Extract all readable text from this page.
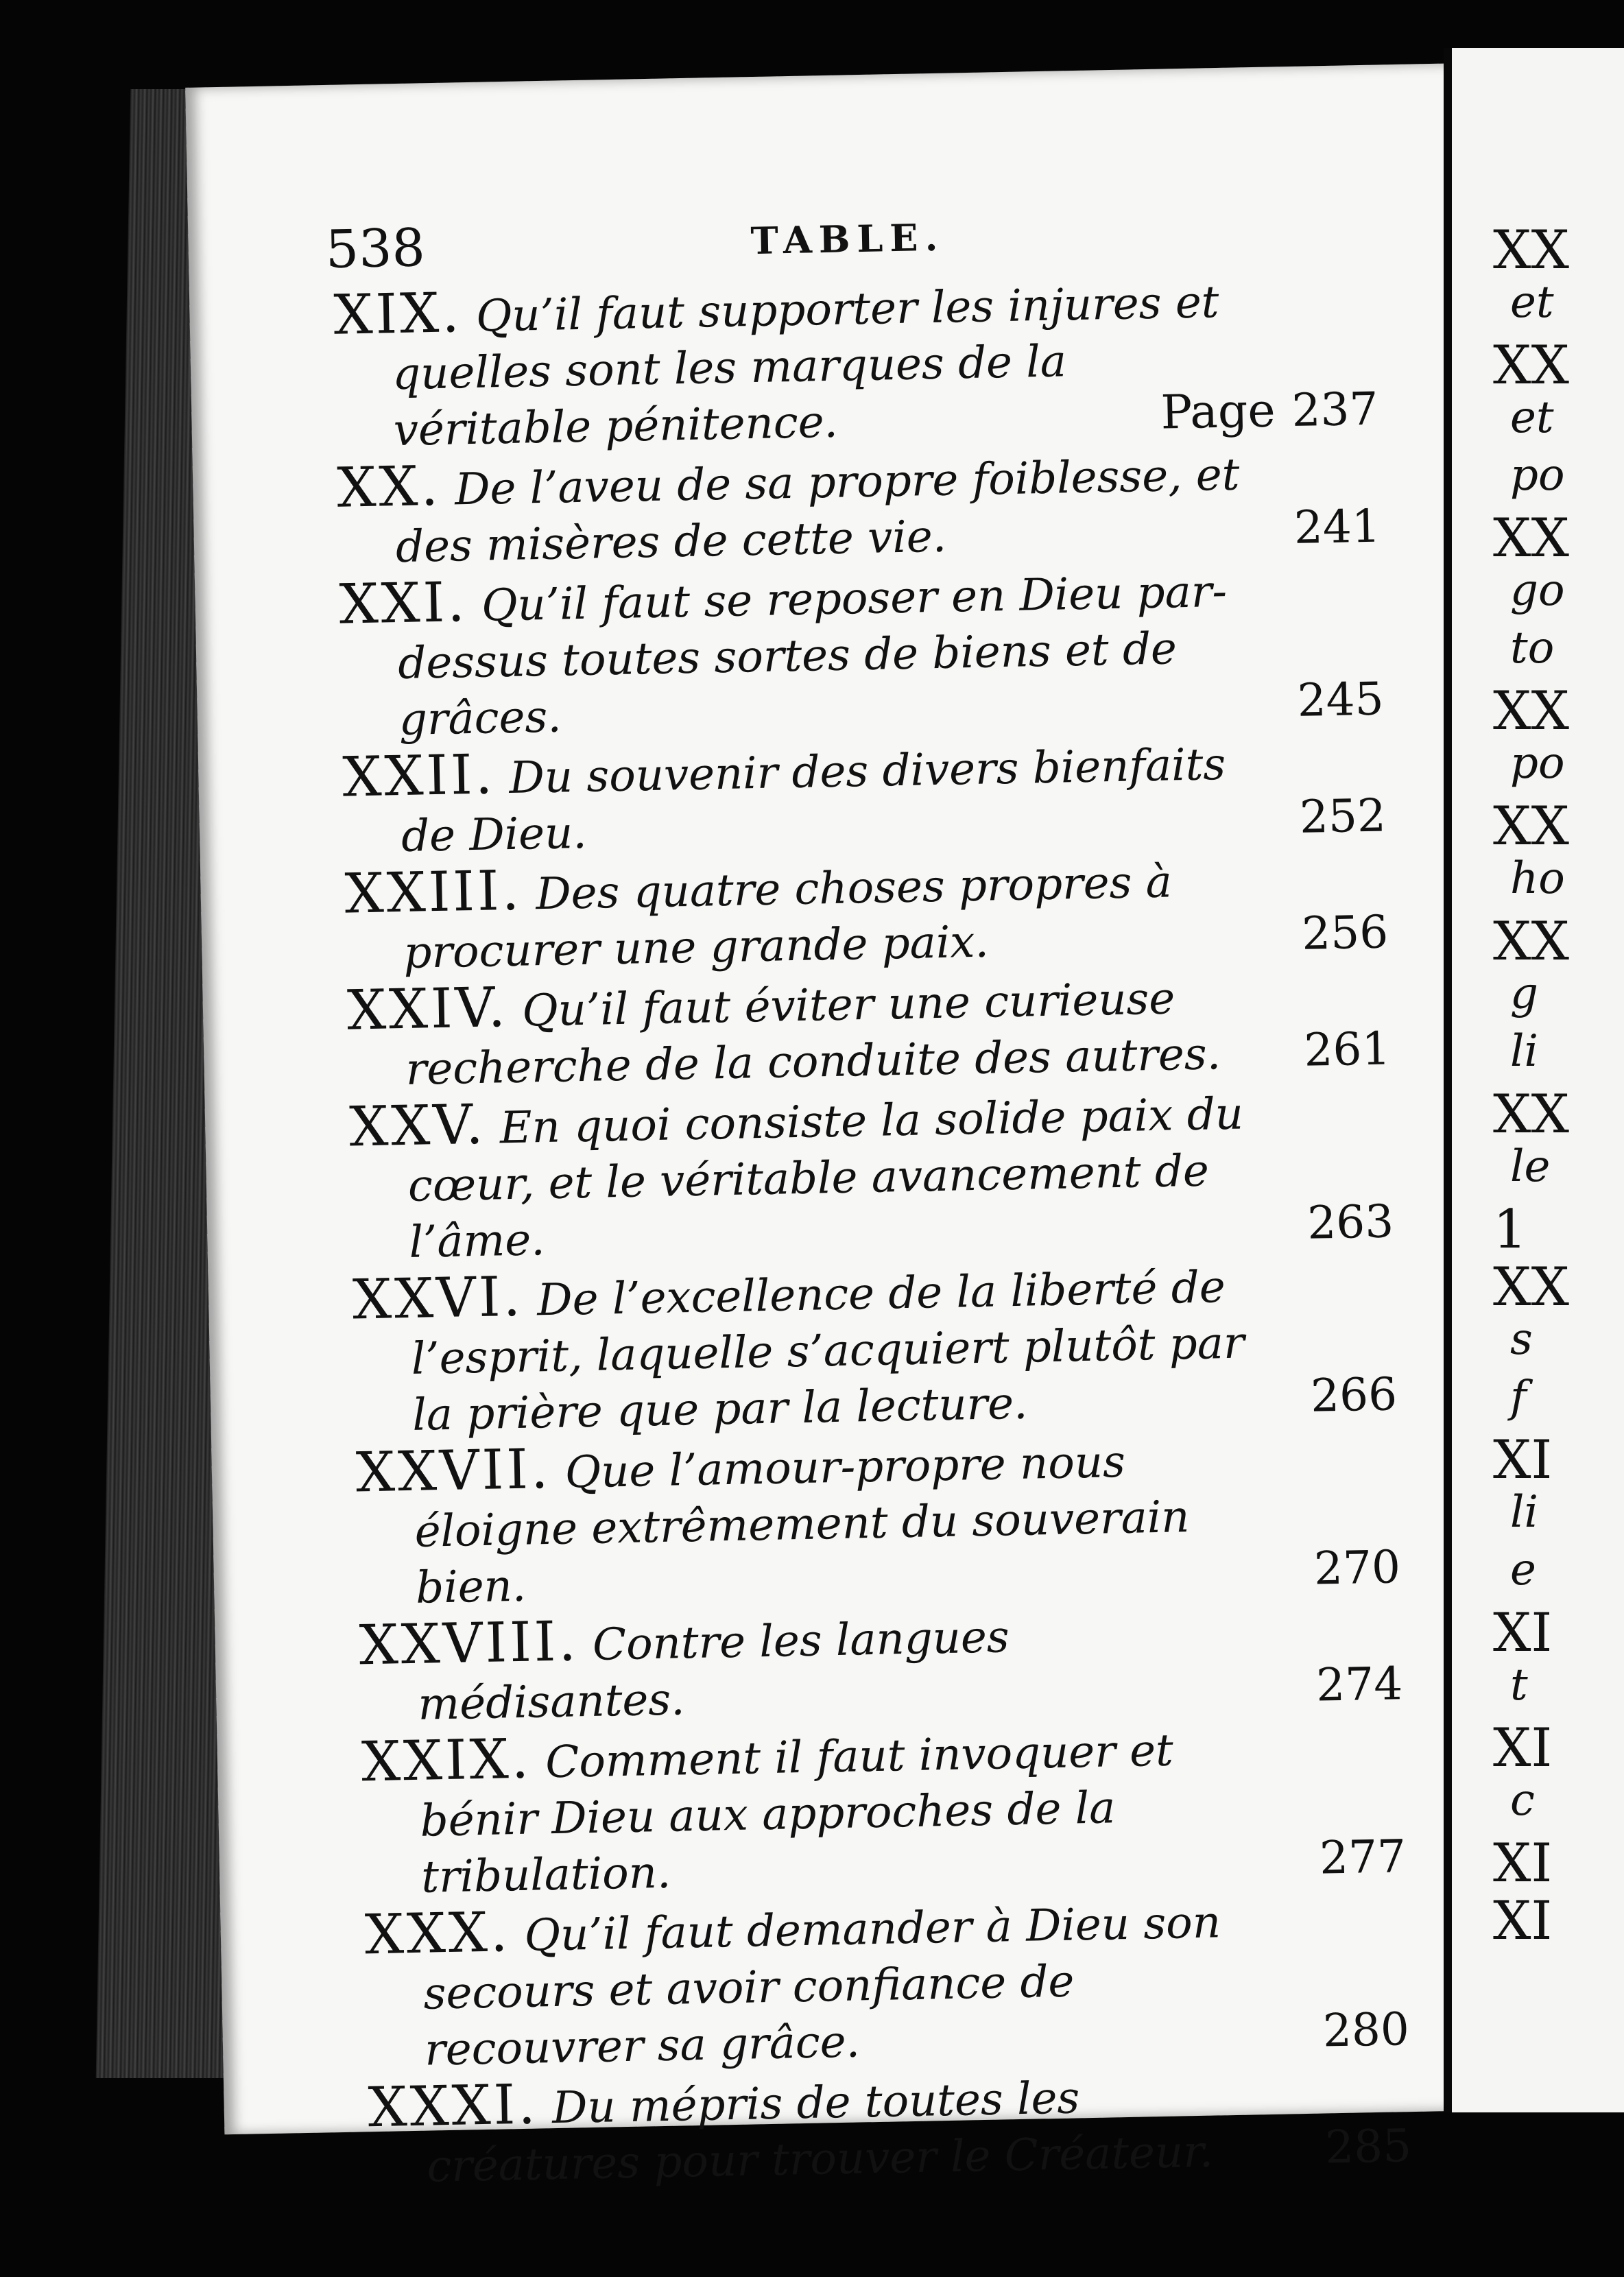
538	TABLE.
XIX. Qu’il faut supporter les injures et quelles sont les marques de la véritable pénitence.	Page 237
XX. De l’aveu de sa propre foiblesse, et des misères de cette vie.	241
XXI. Qu’il faut se reposer en Dieu par-dessus toutes sortes de biens et de grâces.	245
XXII. Du souvenir des divers bienfaits de Dieu.	252
XXIII. Des quatre choses propres à procurer une grande paix.	256
XXIV. Qu’il faut éviter une curieuse recherche de la conduite des autres.	261
XXV. En quoi consiste la solide paix du cœur, et le véritable avancement de l’âme.	263
XXVI. De l’excellence de la liberté de l’esprit, laquelle s’acquiert plutôt par la prière que par la lecture.	266
XXVII. Que l’amour-propre nous éloigne extrêmement du souverain bien.	270
XXVIII. Contre les langues médisantes.	274
XXIX. Comment il faut invoquer et bénir Dieu aux approches de la tribulation.	277
XXX. Qu’il faut demander à Dieu son secours et avoir confiance de recouvrer sa grâce.	280
XXXI. Du mépris de toutes les créatures pour trouver le Créateur.	285
XX
et
XX
et
po
XX
go
to
XX
po
XX
ho
XX
g
li
XX
le
1
XX
s
f
XI
li
e
XI
t
XI
c
XI
XI
